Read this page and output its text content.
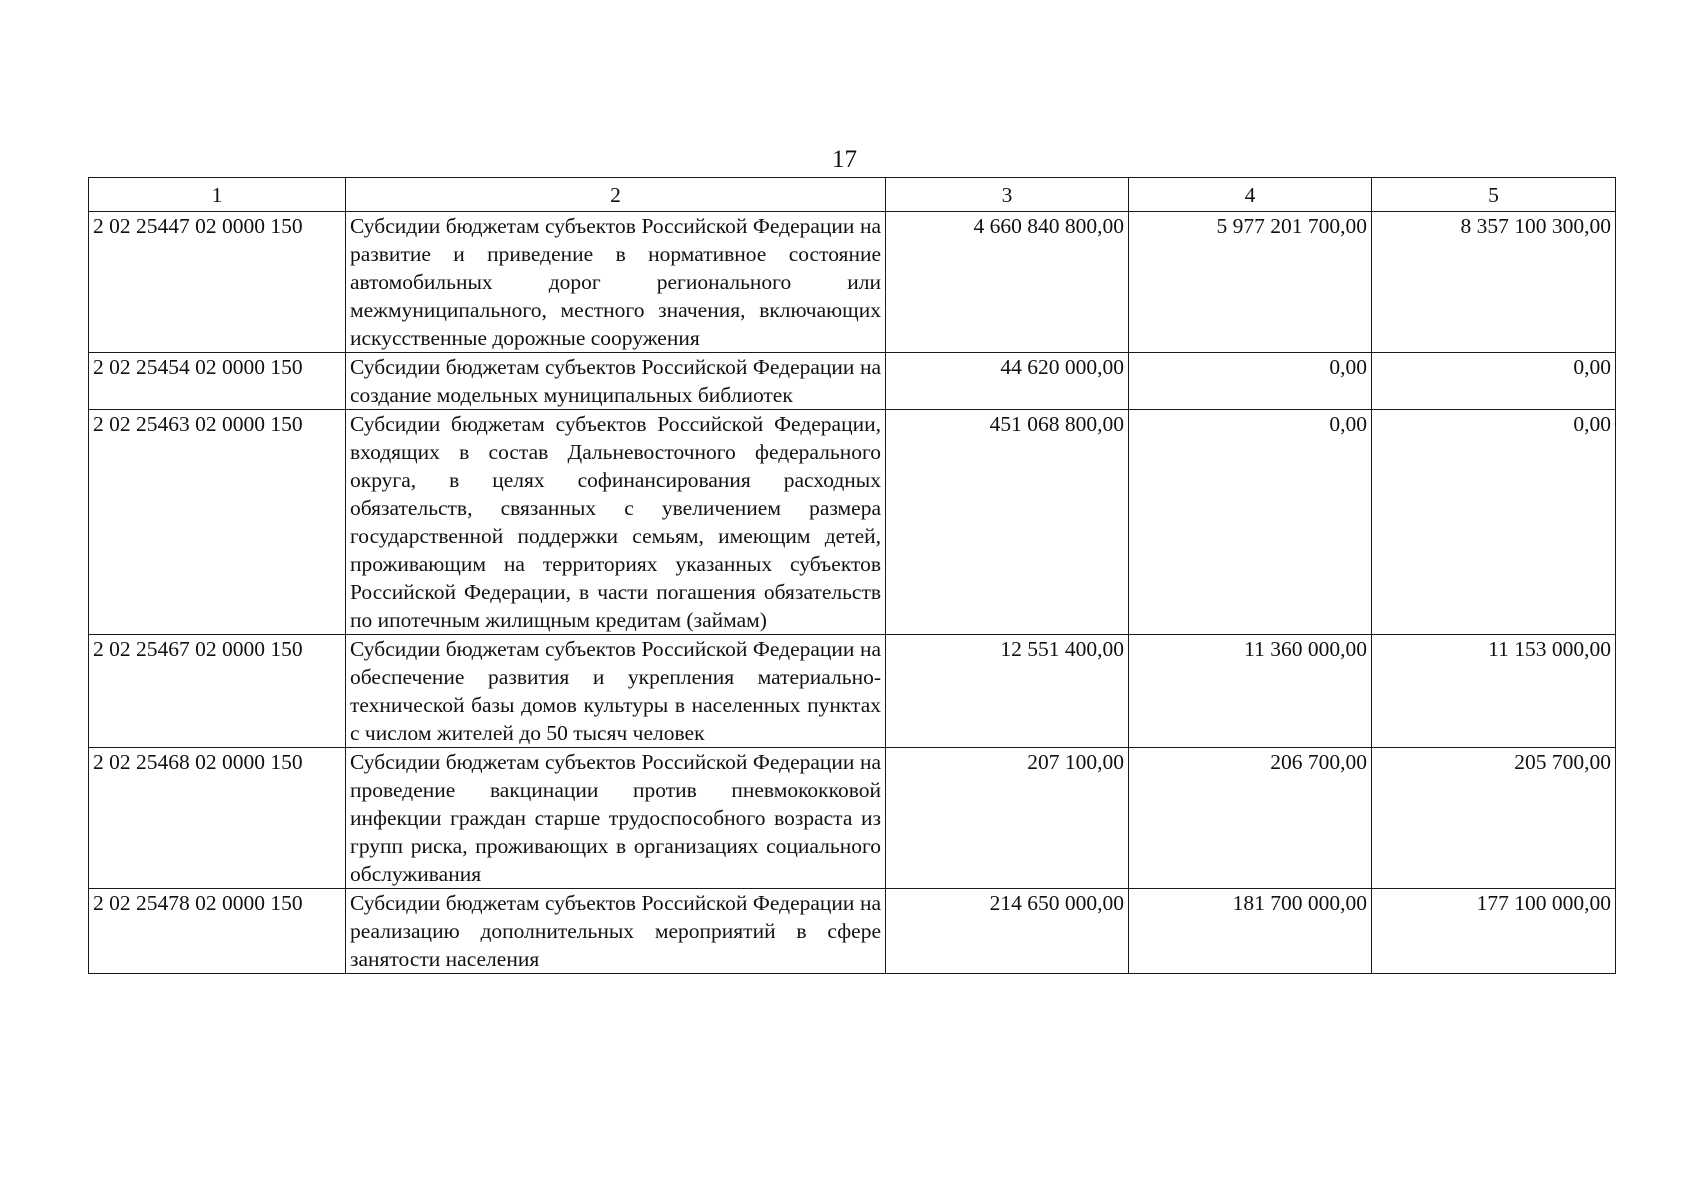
17
1	2	3	4	5
2 02 25447 02 0000 150	Субсидии бюджетам субъектов Российской Федерации на развитие и приведение в нормативное состояние автомобильных дорог регионального или межмуниципального, местного значения, включающих искусственные дорожные сооружения	4 660 840 800,00	5 977 201 700,00	8 357 100 300,00
2 02 25454 02 0000 150	Субсидии бюджетам субъектов Российской Федерации на создание модельных муниципальных библиотек	44 620 000,00	0,00	0,00
2 02 25463 02 0000 150	Субсидии бюджетам субъектов Российской Федерации, входящих в состав Дальневосточного федерального округа, в целях софинансирования расходных обязательств, связанных с увеличением размера государственной поддержки семьям, имеющим детей, проживающим на территориях указанных субъектов Российской Федерации, в части погашения обязательств по ипотечным жилищным кредитам (займам)	451 068 800,00	0,00	0,00
2 02 25467 02 0000 150	Субсидии бюджетам субъектов Российской Федерации на обеспечение развития и укрепления материально-технической базы домов культуры в населенных пунктах с числом жителей до 50 тысяч человек	12 551 400,00	11 360 000,00	11 153 000,00
2 02 25468 02 0000 150	Субсидии бюджетам субъектов Российской Федерации на проведение вакцинации против пневмококковой инфекции граждан старше трудоспособного возраста из групп риска, проживающих в организациях социального обслуживания	207 100,00	206 700,00	205 700,00
2 02 25478 02 0000 150	Субсидии бюджетам субъектов Российской Федерации на реализацию дополнительных мероприятий в сфере занятости населения	214 650 000,00	181 700 000,00	177 100 000,00
